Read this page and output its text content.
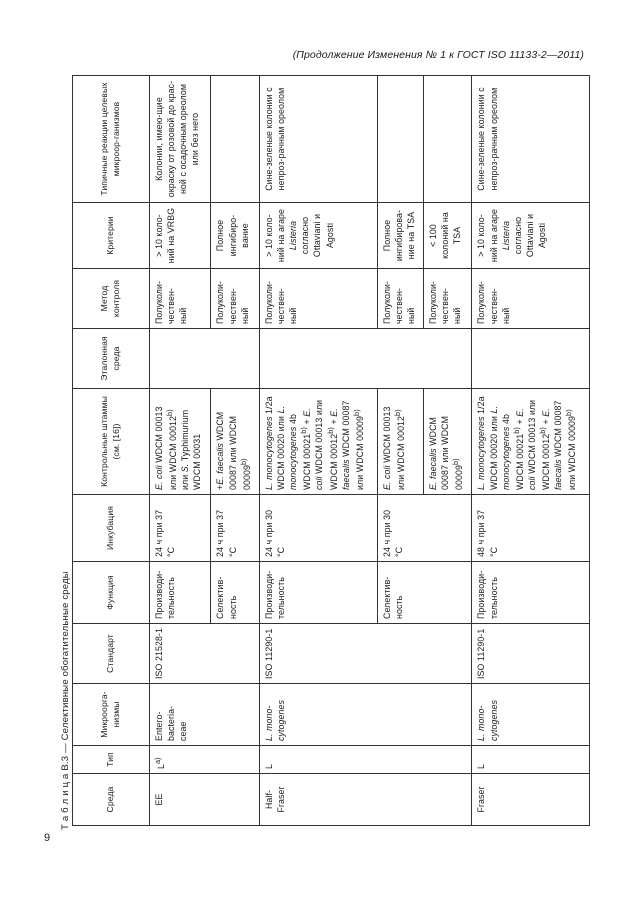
(Продолжение Изменения № 1 к ГОСТ ISO 11133-2—2011)
Т а б л и ц а В.3 — Селективные обогатительные среды	Среда	Тип	Микроорга-низмы	Стандарт	Функция	Инкубация	Контрольные штаммы (см. [16])	Эталонная среда	Метод контроля	Критерии	Типичные реакции целевых микроор-ганизмов
EE	$L^{a)}$	Entero-bacteria-ceae	ISO 21528-1	Производи-тельность	24 ч при 37 °С	E. coli WDCM 00013 или WDCM 00012$^{b)}$ или S. Typhimurium WDCM 00031		Полуколи-чествен-ный	> 10 коло-ний на VRBG	Колонии, имею-щие окраску от розовой до крас-ной с осадочным ореолом или без него
				Селектив-ность	24 ч при 37 °С	+E. faecalis WDCM 00087 или WDCM 00009$^{b)}$		Полуколи-чествен-ный	Полное ингибиро-вание	
Half-Fraser	L	L. mono-cytogenes	ISO 11290-1	Производи-тельность	24 ч при 30 °С	L. monocytogenes 1/2a WDCM 00020 или L. monocytogenes 4b WDCM $00021^{b)} + E$. coli WDCM 00013 или WDCM $00012^{b)} + E$. faecalis WDCM 00087 или WDCM 00009$^{b)}$		Полуколи-чествен-ный	> 10 коло-ний на агаре Listeria согласно Ottaviani и Agosti	Сине-зеленые колонии с непроз-рачным ореолом
				Селектив-ность	24 ч при 30 °С	E. coli WDCM 00013 или WDCM 00012$^{b)}$		Полуколи-чествен-ный	Полное ингибирова-ние на TSA	
						E. faecalis WDCM 00087 или WDCM 00009$^{b)}$		Полуколи-чествен-ный	< 100 колоний на TSA	
Fraser	L	L. mono-cytogenes	ISO 11290-1	Производи-тельность	48 ч при 37 °С	L. monocytogenes 1/2a WDCM 00020 или L. monocytogenes 4b WDCM $00021^{b)} + E$. coli WDCM 00013 или WDCM $00012^{b)} + E$. faecalis WDCM 00087 или WDCM 00009$^{b)}$		Полуколи-чествен-ный	> 10 коло-ний на агаре Listeria согласно Ottaviani и Agosti	Сине-зеленые колонии с непроз-рачным ореолом
9
